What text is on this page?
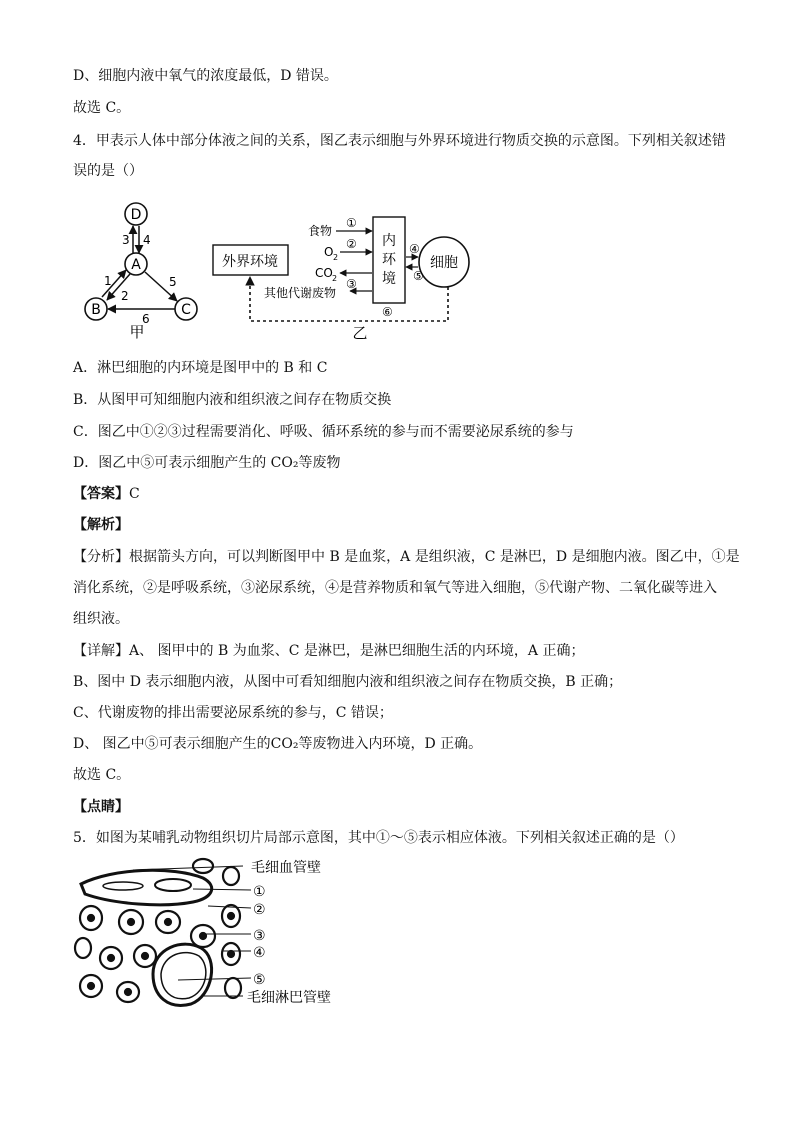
D、细胞内液中氧气的浓度最低，D 错误。
故选 C。
4．甲表示人体中部分体液之间的关系，图乙表示细胞与外界环境进行物质交换的示意图。下列相关叙述错
误的是（）
D
A
B	C
3 4
1
2
5
6
甲
外界环境
内
环
境
细胞
食物
①
O 2
②
CO 2 ③
其他代谢废物
④
⑤
⑥
乙
A．淋巴细胞的内环境是图甲中的 B 和 C
B．从图甲可知细胞内液和组织液之间存在物质交换
C．图乙中①②③过程需要消化、呼吸、循环系统的参与而不需要泌尿系统的参与
D．图乙中⑤可表示细胞产生的 CO₂等废物
【答案】C
【解析】
【分析】根据箭头方向，可以判断图甲中 B 是血浆，A 是组织液，C 是淋巴，D 是细胞内液。图乙中，①是
消化系统，②是呼吸系统，③泌尿系统，④是营养物质和氧气等进入细胞，⑤代谢产物、二氧化碳等进入
组织液。
【详解】A、 图甲中的 B 为血浆、C 是淋巴，是淋巴细胞生活的内环境，A 正确；
B、图中 D 表示细胞内液，从图中可看知细胞内液和组织液之间存在物质交换，B 正确；
C、代谢废物的排出需要泌尿系统的参与，C 错误；
D、 图乙中⑤可表示细胞产生的CO₂等废物进入内环境，D 正确。
故选 C。
【点睛】
5．如图为某哺乳动物组织切片局部示意图，其中①～⑤表示相应体液。下列相关叙述正确的是（）
毛细血管壁
①
②
③
④
⑤
毛细淋巴管壁
